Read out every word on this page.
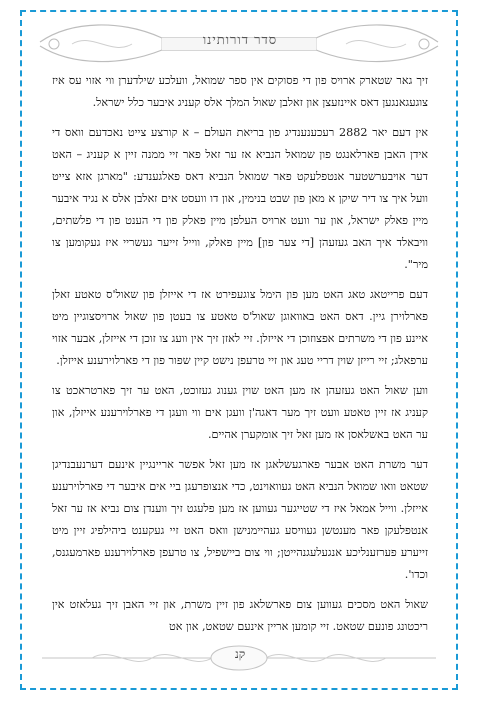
סדר דורותינו

זיך גאר שטארק ארויס פון די פסוקים אין ספר שמואל, וועלכע שילדערן ווי אזוי עס איז צוגעגאנגען דאס איינזעצן און זאלבן שאול המלך אלס קעניג איבער כלל ישראל.

אין דעם יאר 2882 רעכענענדיג פון בריאת העולם – א קורצע צייט נאכדעם וואס די אידן האבן פארלאנגט פון שמואל הנביא אז ער זאל פאר זיי ממנה זיין א קעניג – האט דער אויבערשטער אנטפלעקט פאר שמואל הנביא דאס פאלגענדע: "מארגן אזא צייט וועל איך צו דיר שיקן א מאן פון שבט בנימין, און דו וועסט אים זאלבן אלס א נגיד איבער מיין פאלק ישראל, און ער וועט ארויס העלפן מיין פאלק פון די הענט פון די פלשתים, וויבאלד איך האב געזעהן [די צער פון] מיין פאלק, ווייל זייער געשריי איז געקומען צו מיר".

דעם פרייטאג טאג האט מען פון הימל צוגעפירט אז די אייזלן פון שאול'ס טאטע זאלן פארלוירן גיין. דאס האט באוואוגן שאול'ס טאטע צו בעטן פון שאול ארויסצוגיין מיט איינע פון די משרתים אפצוזוכן די אייזלן. זיי לאזן זיך אין וועג צו זוכן די אייזלן, אבער אזוי ערפאלג; זיי רייזן שוין דריי טעג און זיי טרעפן נישט קיין שפור פון די פארלוירענע אייזלן.

ווען שאול האט געזעהן אז מען האט שוין גענוג געזוכט, האט ער זיך פארטראכט צו קעניג אז זיין טאטע וועט זיך מער דאגה'ן וועגן אים ווי וועגן די פארלוירענע אייזלן, און ער האט באשלאסן אז מען זאל זיך אומקערן אהיים.

דער משרת האט אבער פארגעשלאגן אז מען זאל אפשר אריינגיין אינעם דערנעבנדיגן שטאט וואו שמואל הנביא האט געוואוינט, כדי אנצופרעגן ביי אים איבער די פארלוירענע אייזלן. ווייל אמאל איז די שטייגער געווען אז מען פלעגט זיך ווענדן צום נביא אז ער זאל אנטפלעקן פאר מענטשן געוויסע געהיימנישן וואס האט זיי געקענט ביהילפיג זיין מיט זייערע פערזענליכע אנגעלעגנהייטן; ווי צום ביישפיל, צו טרעפן פארלוירענע פארמעגנס, וכדו'.

שאול האט מסכים געווען צום פארשלאג פון זיין משרת, און זיי האבן זיך געלאזט אין ריכטונג פונעם שטאט. זיי קומען אריין אינעם שטאט, און אט

קנ
